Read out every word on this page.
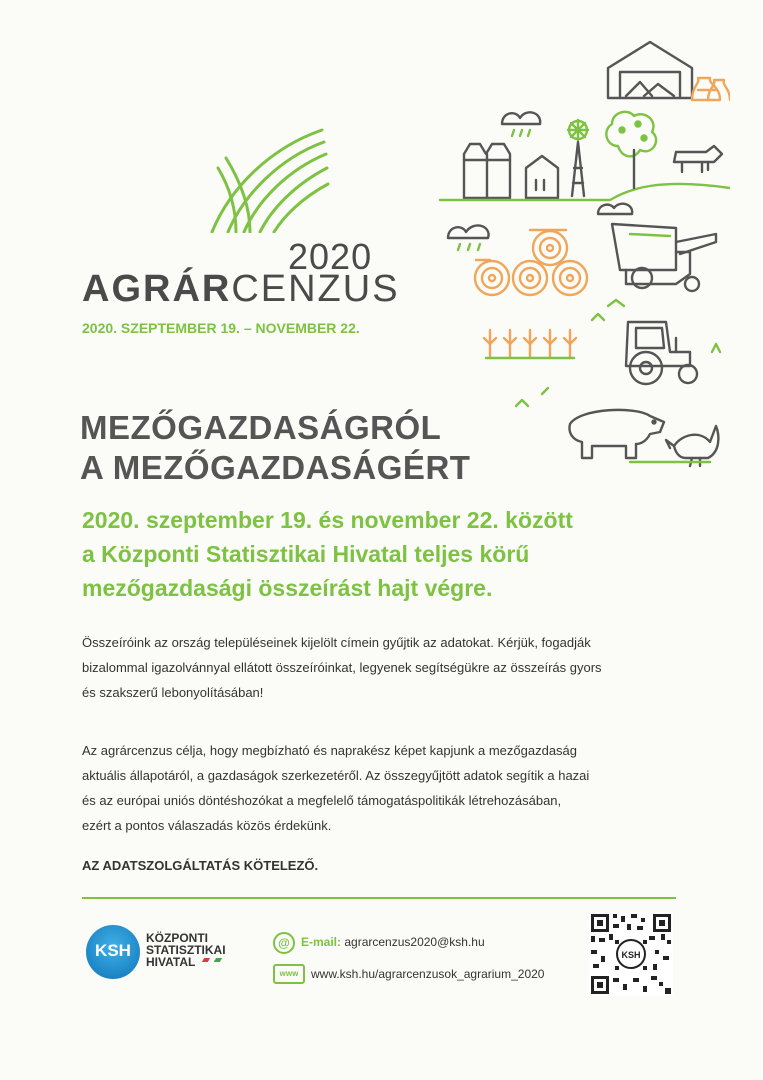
2020
AGRÁRCENZUS
2020. SZEPTEMBER 19. – NOVEMBER 22.
MEZŐGAZDASÁGRÓL
A MEZŐGAZDASÁGÉRT
2020. szeptember 19. és november 22. között
a Központi Statisztikai Hivatal teljes körű
mezőgazdasági összeírást hajt végre.
Összeíróink az ország településeinek kijelölt címein gyűjtik az adatokat. Kérjük, fogadják
bizalommal igazolvánnyal ellátott összeíróinkat, legyenek segítségükre az összeírás gyors
és szakszerű lebonyolításában!
Az agrárcenzus célja, hogy megbízható és naprakész képet kapjunk a mezőgazdaság
aktuális állapotáról, a gazdaságok szerkezetéről. Az összegyűjtött adatok segítik a hazai
és az európai uniós döntéshozókat a megfelelő támogatáspolitikák létrehozásában,
ezért a pontos válaszadás közös érdekünk.
AZ ADATSZOLGÁLTATÁS KÖTELEZŐ.
KSH
KÖZPONTI
STATISZTIKAI
HIVATAL
@ E-mail: agrarcenzus2020@ksh.hu
www	www.ksh.hu/agrarcenzusok_agrarium_2020
KSH
